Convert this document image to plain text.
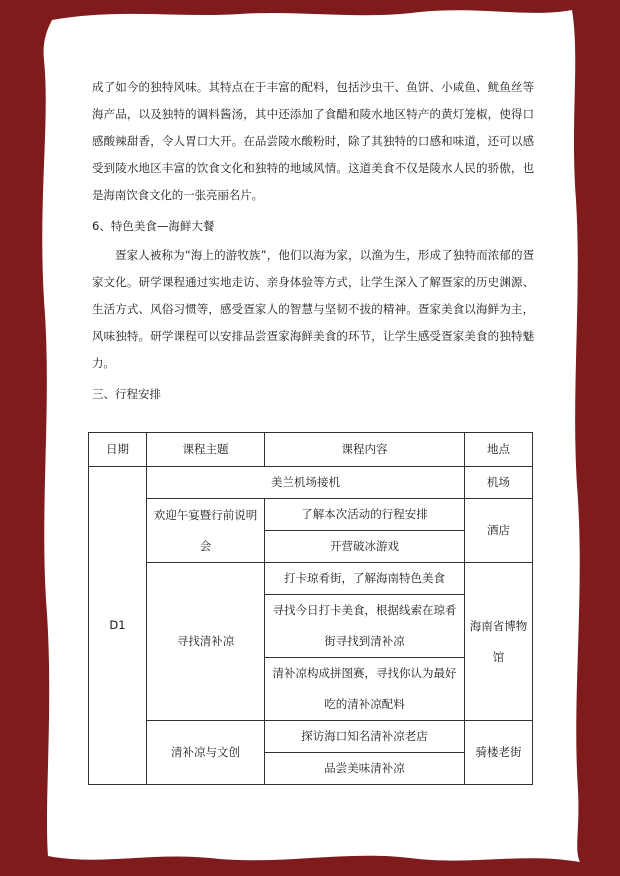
成了如今的独特风味。其特点在于丰富的配料，包括沙虫干、鱼饼、小咸鱼、鱿鱼丝等海产品，以及独特的调料酱汤，其中还添加了食醋和陵水地区特产的黄灯笼椒，使得口感酸辣甜香，令人胃口大开。在品尝陵水酸粉时，除了其独特的口感和味道，还可以感受到陵水地区丰富的饮食文化和独特的地域风情。这道美食不仅是陵水人民的骄傲，也是海南饮食文化的一张亮丽名片。

6、特色美食—海鲜大餐

疍家人被称为“海上的游牧族”，他们以海为家，以渔为生，形成了独特而浓郁的疍家文化。研学课程通过实地走访、亲身体验等方式，让学生深入了解疍家的历史渊源、生活方式、风俗习惯等，感受疍家人的智慧与坚韧不拔的精神。疍家美食以海鲜为主，风味独特。研学课程可以安排品尝疍家海鲜美食的环节，让学生感受疍家美食的独特魅力。

三、行程安排

日期	课程主题	课程内容	地点
D1	美兰机场接机		机场
	欢迎午宴暨行前说明会	了解本次活动的行程安排	酒店
		开营破冰游戏	
	寻找清补凉	打卡琼肴街，了解海南特色美食	海南省博物馆
		寻找今日打卡美食，根据线索在琼肴街寻找到清补凉	
		清补凉构成拼图赛，寻找你认为最好吃的清补凉配料	
	清补凉与文创	探访海口知名清补凉老店	骑楼老街
		品尝美味清补凉	
